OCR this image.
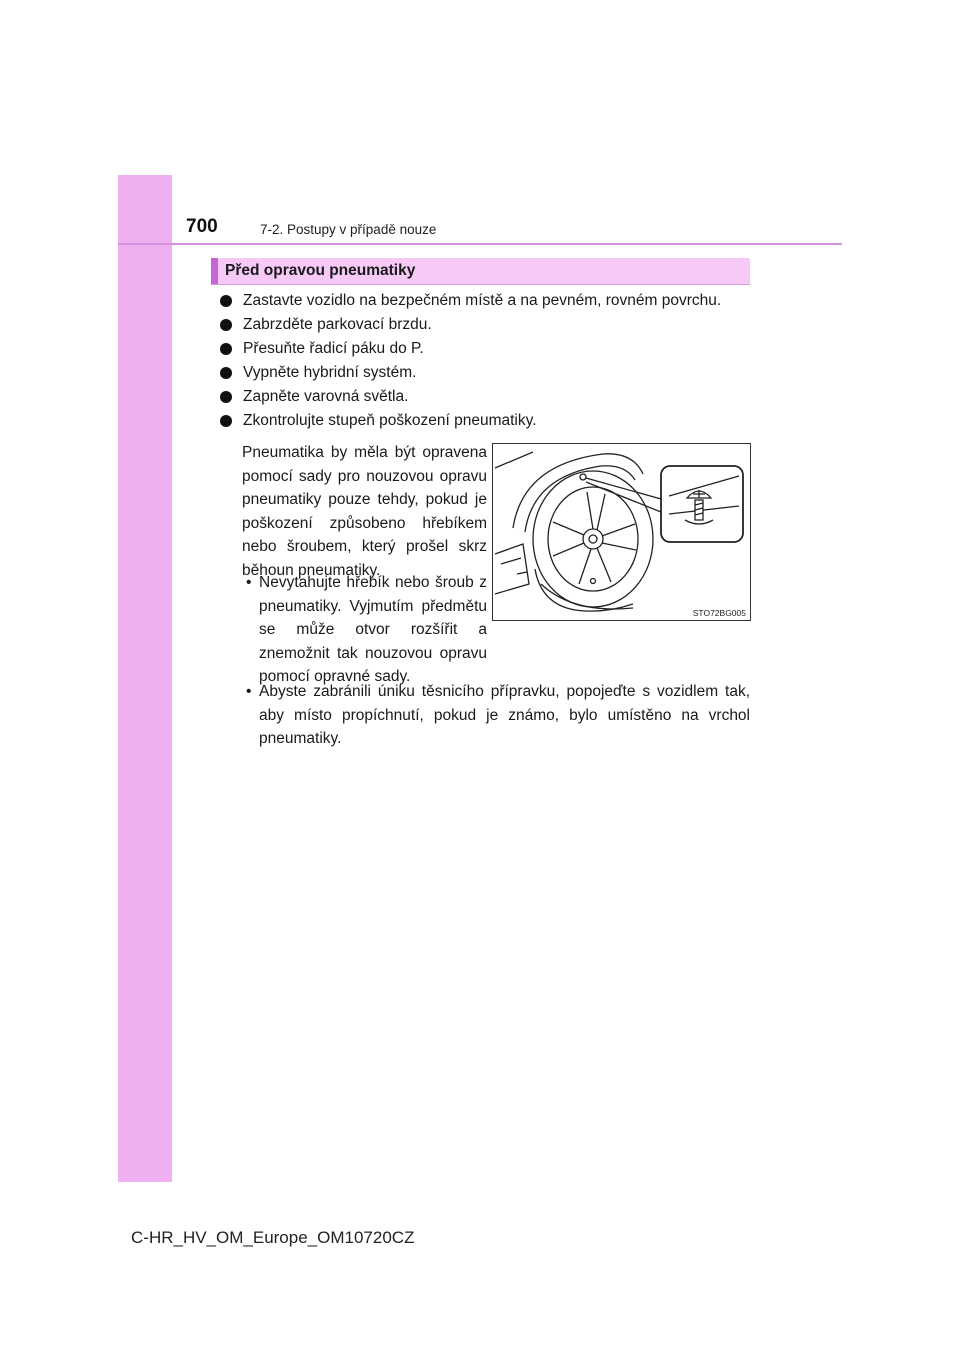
700	7-2. Postupy v případě nouze
Před opravou pneumatiky
Zastavte vozidlo na bezpečném místě a na pevném, rovném povrchu.
Zabrzděte parkovací brzdu.
Přesuňte řadicí páku do P.
Vypněte hybridní systém.
Zapněte varovná světla.
Zkontrolujte stupeň poškození pneumatiky.

Pneumatika by měla být opravena pomocí sady pro nouzovou opravu pneumatiky pouze tehdy, pokud je poškození způsobeno hřebíkem nebo šroubem, který prošel skrz běhoun pneumatiky.

• Nevytahujte hřebík nebo šroub z pneumatiky. Vyjmutím předmětu se může otvor rozšířit a znemožnit tak nouzovou opravu pomocí opravné sady.
• Abyste zabránili úniku těsnicího přípravku, popojeďte s vozidlem tak, aby místo propíchnutí, pokud je známo, bylo umístěno na vrchol pneumatiky.
STO72BG005
C-HR_HV_OM_Europe_OM10720CZ
